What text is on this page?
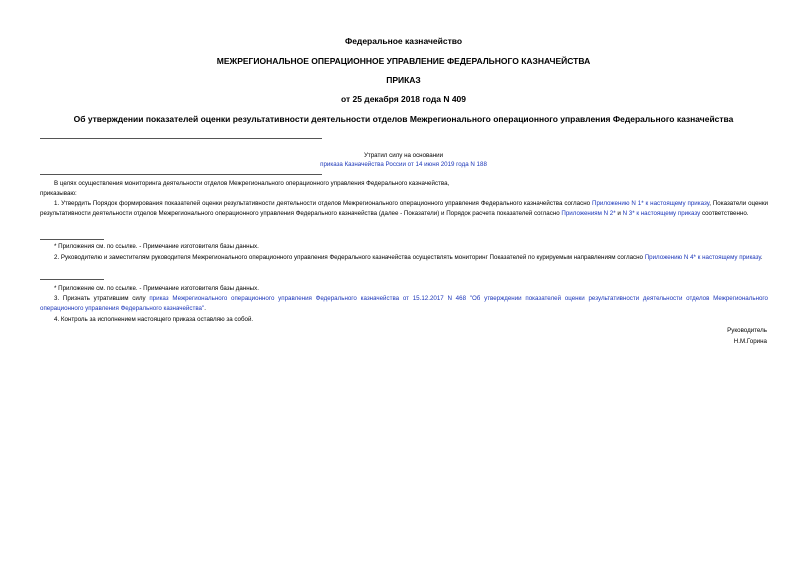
Федеральное казначейство
МЕЖРЕГИОНАЛЬНОЕ ОПЕРАЦИОННОЕ УПРАВЛЕНИЕ ФЕДЕРАЛЬНОГО КАЗНАЧЕЙСТВА
ПРИКАЗ
от 25 декабря 2018 года N 409
Об утверждении показателей оценки результативности деятельности отделов Межрегионального операционного управления Федерального казначейства
Утратил силу на основании
приказа Казначейства России от 14 июня 2019 года N 188
В целях осуществления мониторинга деятельности отделов Межрегионального операционного управления Федерального казначейства,
приказываю:
1. Утвердить Порядок формирования показателей оценки результативности деятельности отделов Межрегионального операционного управления Федерального казначейства согласно Приложению N 1* к настоящему приказу, Показатели оценки результативности деятельности отделов Межрегионального операционного управления Федерального казначейства (далее - Показатели) и Порядок расчета показателей согласно Приложениям N 2* и N 3* к настоящему приказу соответственно.
* Приложения см. по ссылке. - Примечание изготовителя базы данных.
2. Руководителю и заместителям руководителя Межрегионального операционного управления Федерального казначейства осуществлять мониторинг Показателей по курируемым направлениям согласно Приложению N 4* к настоящему приказу.
* Приложение см. по ссылке. - Примечание изготовителя базы данных.
3. Признать утратившим силу приказ Межрегионального операционного управления Федерального казначейства от 15.12.2017 N 468 "Об утверждении показателей оценки результативности деятельности отделов Межрегионального операционного управления Федерального казначейства".
4. Контроль за исполнением настоящего приказа оставляю за собой.
Руководитель
Н.М.Горина
